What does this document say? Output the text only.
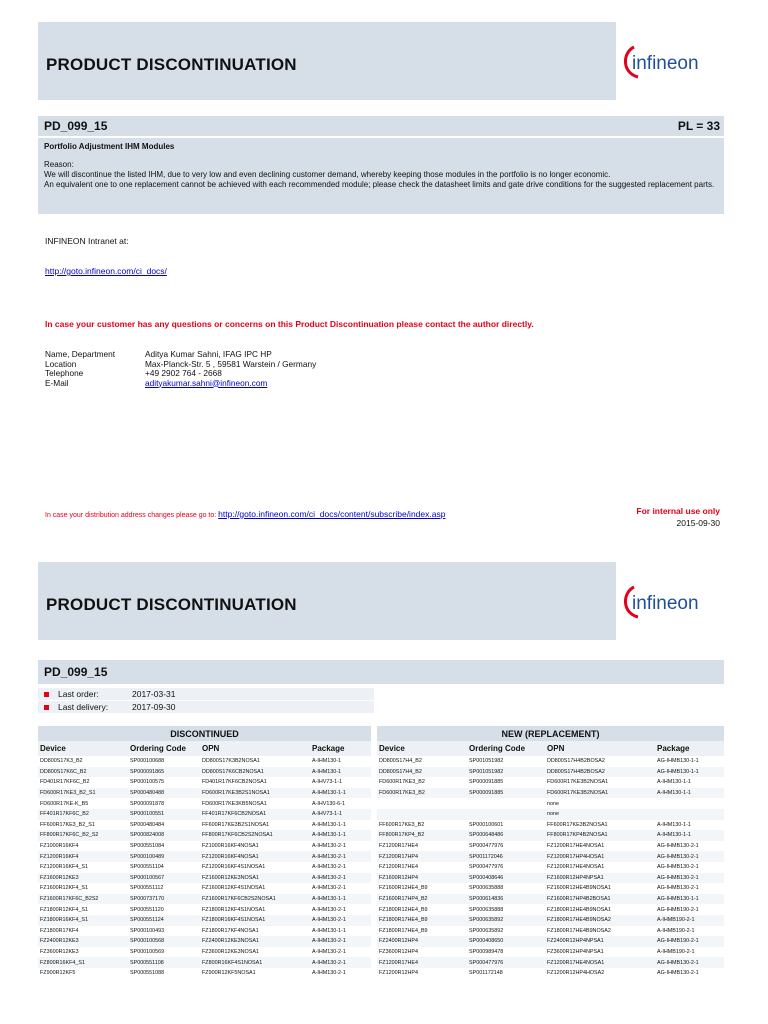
PRODUCT DISCONTINUATION	infineon
PD_099_15	PL = 33
Portfolio Adjustment IHM Modules
Reason:
We will discontinue the listed IHM, due to very low and even declining customer demand, whereby keeping those modules in the portfolio is no longer economic.
An equivalent one to one replacement cannot be achieved with each recommended module; please check the datasheet limits and gate drive conditions for the suggested replacement parts.
INFINEON Intranet at:
http://goto.infineon.com/ci_docs/
In case your customer has any questions or concerns on this Product Discontinuation please contact the author directly.
Name, Department	Aditya Kumar Sahni, IFAG IPC HP
Location	Max-Planck-Str. 5 , 59581 Warstein / Germany
Telephone	+49 2902 764 - 2668
E-Mail	adityakumar.sahni@infineon.com
In case your distribution address changes please go to: http://goto.infineon.com/ci_docs/content/subscribe/index.asp	For internal use only
2015-09-30
PRODUCT DISCONTINUATION	infineon
PD_099_15
Last order:	2017-03-31
Last delivery:	2017-09-30
DISCONTINUED					NEW (REPLACEMENT)			
Device	Ordering Code	OPN	Package		Device	Ordering Code	OPN	Package
DD800S17K3_B2	SP000100688	DD800S17K3B2NOSA1	A-IHM130-1		DD800S17H4_B2	SP001051982	DD800S17H4B2BOSA2	AG-IHMB130-1-1
DD800S17K6C_B2	SP000091865	DD800S17K6CB2NOSA1	A-IHM130-1		DD800S17H4_B2	SP001051982	DD800S17H4B2BOSA2	AG-IHMB130-1-1
FD401R17KF6C_B2	SP000100575	FD401R17KF6CB2NOSA1	A-IHV73-1-1		FD600R17KE3_B2	SP000091885	FD600R17KE3B2NOSA1	A-IHM130-1-1
FD600R17KE3_B2_S1	SP000480488	FD600R17KE3B2S1NOSA1	A-IHM130-1-1		FD600R17KE3_B2	SP000091885	FD600R17KE3B2NOSA1	A-IHM130-1-1
FD600R17KE-K_B5	SP000091878	FD600R17KE3KB5NOSA1	A-IHV130-6-1				none	
FF401R17KF6C_B2	SP000100551	FF401R17KF6CB2NOSA1	A-IHV73-1-1				none	
FF600R17KE3_B2_S1	SP000480484	FF600R17KE3B2S1NOSA1	A-IHM130-1-1		FF600R17KE3_B2	SP000100601	FF600R17KE3B2NOSA1	A-IHM130-1-1
FF800R17KF6C_B2_S2	SP000824008	FF800R17KF6CB2S2NOSA1	A-IHM130-1-1		FF800R17KP4_B2	SP000648486	FF800R17KP4B2NOSA1	A-IHM130-1-1
FZ1000R16KF4	SP000551084	FZ1000R16KF4NOSA1	A-IHM130-2-1		FZ1200R17HE4	SP000477976	FZ1200R17HE4NOSA1	AG-IHMB130-2-1
FZ1200R16KF4	SP000100489	FZ1200R16KF4NOSA1	A-IHM130-2-1		FZ1200R17HP4	SP001172046	FZ1200R17HP4HOSA1	AG-IHMB130-2-1
FZ1200R16KF4_S1	SP000551104	FZ1200R16KF4S1NOSA1	A-IHM130-2-1		FZ1200R17HE4	SP000477976	FZ1200R17HE4NOSA1	AG-IHMB130-2-1
FZ1600R12KE3	SP000100567	FZ1600R12KE3NOSA1	A-IHM130-2-1		FZ1600R12HP4	SP000408646	FZ1600R12HP4NPSA1	AG-IHMB130-2-1
FZ1600R12KF4_S1	SP000551112	FZ1600R12KF4S1NOSA1	A-IHM130-2-1		FZ1600R12HE4_B9	SP000635888	FZ1600R12HE4B9NOSA1	AG-IHMB130-2-1
FZ1600R17KF6C_B2S2	SP000737170	FZ1600R17KF6CB2S2NOSA1	A-IHM130-1-1		FZ1600R17HP4_B2	SP000614836	FZ1600R17HP4B2BOSA1	AG-IHMB130-1-1
FZ1800R12KF4_S1	SP000551120	FZ1800R12KF4S1NOSA1	A-IHM130-2-1		FZ1800R12HE4_B9	SP000635888	FZ1800R12HE4B9NOSA1	AG-IHMB190-2-1
FZ1800R16KF4_S1	SP000551124	FZ1800R16KF4S1NOSA1	A-IHM130-2-1		FZ1800R17HE4_B9	SP000635892	FZ1800R17HE4B9NOSA2	A-IHMB190-2-1
FZ1800R17KF4	SP000100493	FZ1800R17KF4NOSA1	A-IHM130-1-1		FZ1800R17HE4_B9	SP000635892	FZ1800R17HE4B9NOSA2	A-IHMB190-2-1
FZ2400R12KE3	SP000100568	FZ2400R12KE3NOSA1	A-IHM130-2-1		FZ2400R12HP4	SP000408650	FZ2400R12HP4NPSA1	AG-IHMB190-2-1
FZ3600R12KE3	SP000100569	FZ3600R12KE3NOSA1	A-IHM130-2-1		FZ3600R12HP4	SP000989478	FZ3600R12HP4NPSA1	A-IHMB190-2-1
FZ800R16KF4_S1	SP000551108	FZ800R16KF4S1NOSA1	A-IHM130-2-1		FZ1200R17HE4	SP000477976	FZ1200R17HE4NOSA1	AG-IHMB130-2-1
FZ900R12KF5	SP000551088	FZ900R12KF5NOSA1	A-IHM130-2-1		FZ1200R12HP4	SP001172148	FZ1200R12HP4HOSA2	AG-IHMB130-2-1
